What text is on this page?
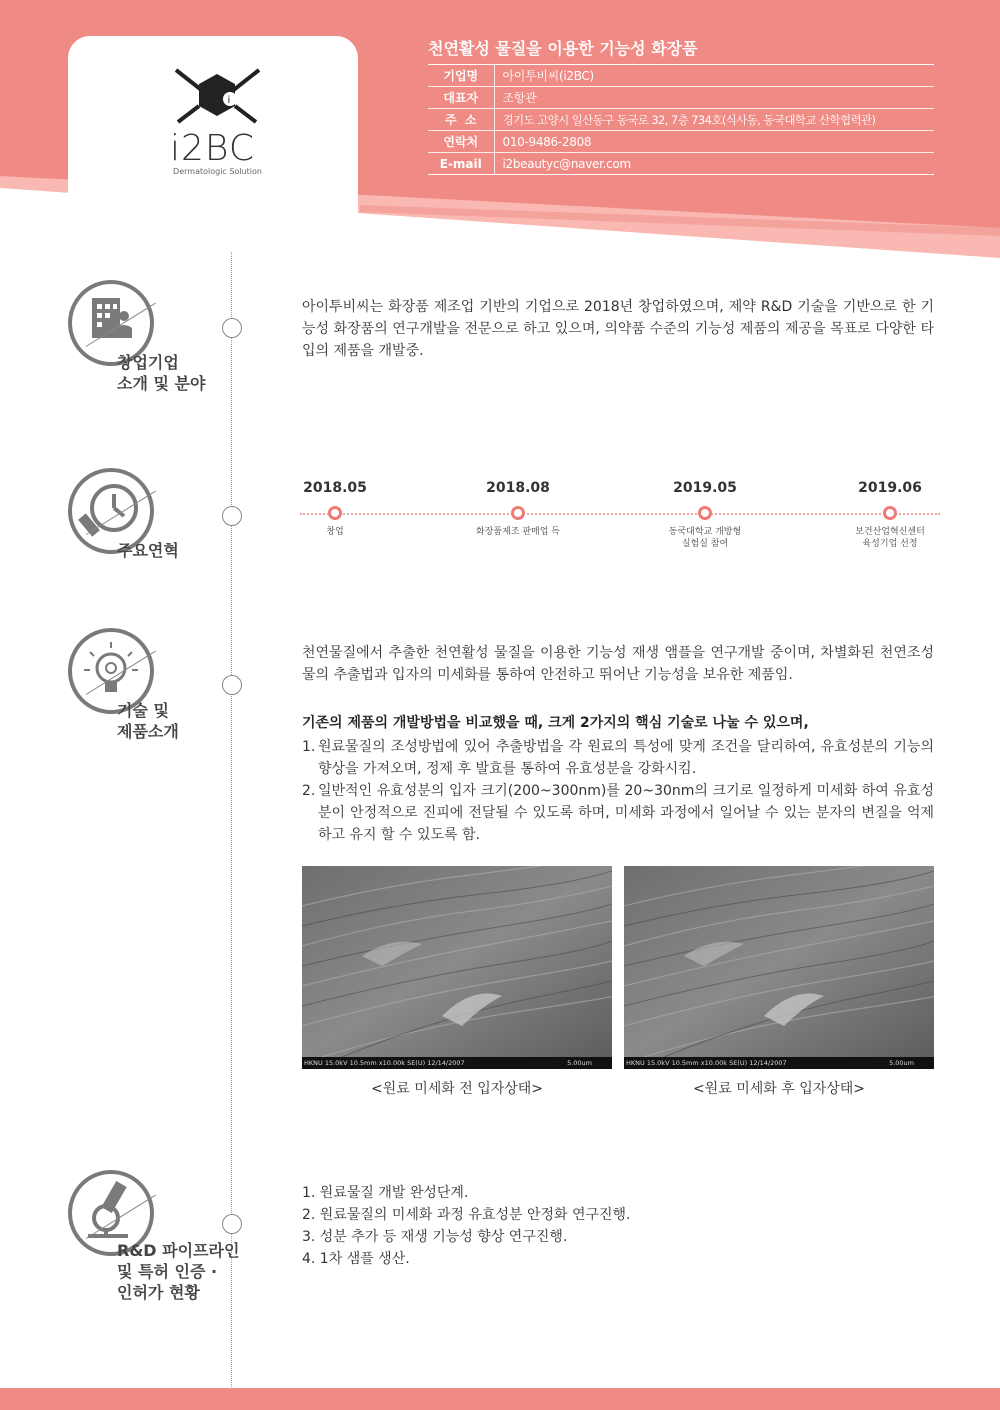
i
i2BC
Dermatologic Solution
천연활성 물질을 이용한 기능성 화장품
기업명	아이투비씨(i2BC)
대표자	조항관
주  소	경기도 고양시 일산동구 동국로 32, 7층 734호(식사동, 동국대학교 산학협력관)
연락처	010-9486-2808
E-mail	i2beautyc@naver.com
창업기업
소개 및 분야
아이투비씨는 화장품 제조업 기반의 기업으로 2018년 창업하였으며, 제약 R&D 기술을 기반으로 한 기능성 화장품의 연구개발을 전문으로 하고 있으며, 의약품 수준의 기능성 제품의 제공을 목표로 다양한 타입의 제품을 개발중.
주요연혁
2018.05
창업
2018.08
화장품제조 판매업 득
2019.05
동국대학교 개방형
실험실 참여
2019.06
보건산업혁신센터
육성기업 선정
기술 및
제품소개
천연물질에서 추출한 천연활성 물질을 이용한 기능성 재생 앰플을 연구개발 중이며, 차별화된 천연조성물의 추출법과 입자의 미세화를 통하여 안전하고 뛰어난 기능성을 보유한 제품임.
기존의 제품의 개발방법을 비교했을 때, 크게 2가지의 핵심 기술로 나눌 수 있으며,
1. 원료물질의 조성방법에 있어 추출방법을 각 원료의 특성에 맞게 조건을 달리하여, 유효성분의 기능의 향상을 가져오며, 정제 후 발효를 통하여 유효성분을 강화시킴.
2. 일반적인 유효성분의 입자 크기(200~300nm)를 20~30nm의 크기로 일정하게 미세화 하여 유효성분이 안정적으로 진피에 전달될 수 있도록 하며, 미세화 과정에서 일어날 수 있는 분자의 변질을 억제하고 유지 할 수 있도록 함.
HKNU 15.0kV 10.5mm x10.00k SE(U) 12/14/2007	5.00um	HKNU 15.0kV 10.5mm x10.00k SE(U) 12/14/2007	5.00um
<원료 미세화 전 입자상태>	<원료 미세화 후 입자상태>
R&D 파이프라인
및 특허 인증 ·
인허가 현황
1. 원료물질 개발 완성단계.
2. 원료물질의 미세화 과정 유효성분 안정화 연구진행.
3. 성분 추가 등 재생 기능성 향상 연구진행.
4. 1차 샘플 생산.
